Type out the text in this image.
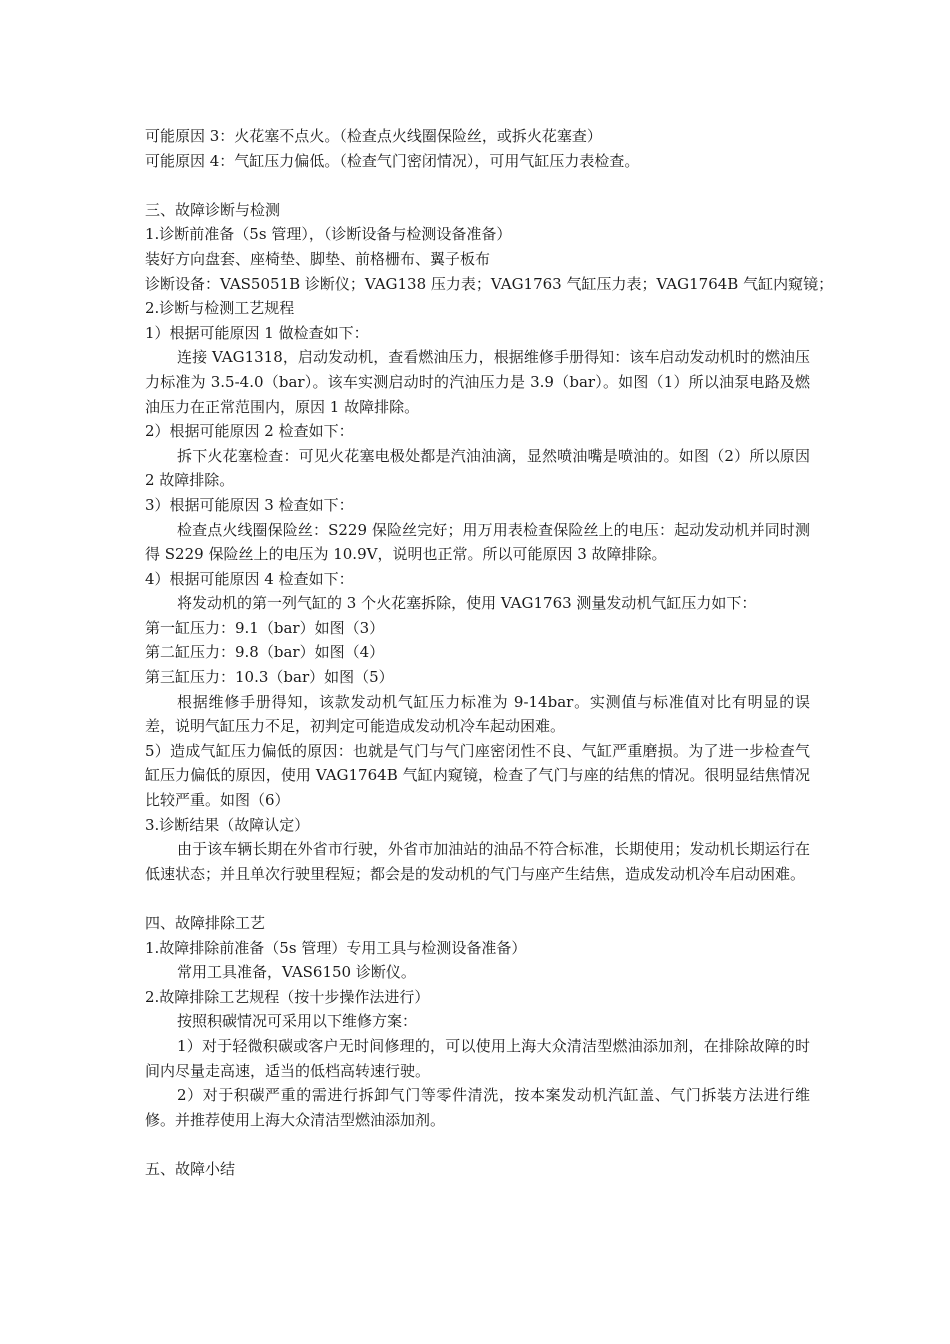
可能原因 3：火花塞不点火。（检查点火线圈保险丝，或拆火花塞查）
可能原因 4：气缸压力偏低。（检查气门密闭情况），可用气缸压力表检查。
三、故障诊断与检测
1.诊断前准备（5s 管理），（诊断设备与检测设备准备）
装好方向盘套、座椅垫、脚垫、前格栅布、翼子板布
诊断设备：VAS5051B 诊断仪；VAG138 压力表；VAG1763 气缸压力表；VAG1764B 气缸内窥镜；
2.诊断与检测工艺规程
1）根据可能原因 1 做检查如下：
连接 VAG1318，启动发动机，查看燃油压力，根据维修手册得知：该车启动发动机时的燃油压力标准为 3.5-4.0（bar）。该车实测启动时的汽油压力是 3.9（bar）。如图（1）所以油泵电路及燃油压力在正常范围内，原因 1 故障排除。
2）根据可能原因 2 检查如下：
拆下火花塞检查：可见火花塞电极处都是汽油油滴，显然喷油嘴是喷油的。如图（2）所以原因 2 故障排除。
3）根据可能原因 3 检查如下：
检查点火线圈保险丝：S229 保险丝完好；用万用表检查保险丝上的电压：起动发动机并同时测得 S229 保险丝上的电压为 10.9V，说明也正常。所以可能原因 3 故障排除。
4）根据可能原因 4 检查如下：
将发动机的第一列气缸的 3 个火花塞拆除，使用 VAG1763 测量发动机气缸压力如下：
第一缸压力：9.1（bar）如图（3）
第二缸压力：9.8（bar）如图（4）
第三缸压力：10.3（bar）如图（5）
根据维修手册得知，该款发动机气缸压力标准为 9-14bar。实测值与标准值对比有明显的误差，说明气缸压力不足，初判定可能造成发动机冷车起动困难。
5）造成气缸压力偏低的原因：也就是气门与气门座密闭性不良、气缸严重磨损。为了进一步检查气缸压力偏低的原因，使用 VAG1764B 气缸内窥镜，检查了气门与座的结焦的情况。很明显结焦情况比较严重。如图（6）
3.诊断结果（故障认定）
由于该车辆长期在外省市行驶，外省市加油站的油品不符合标准，长期使用；发动机长期运行在低速状态；并且单次行驶里程短；都会是的发动机的气门与座产生结焦，造成发动机冷车启动困难。
四、故障排除工艺
1.故障排除前准备（5s 管理）专用工具与检测设备准备）
常用工具准备，VAS6150 诊断仪。
2.故障排除工艺规程（按十步操作法进行）
按照积碳情况可采用以下维修方案：
1）对于轻微积碳或客户无时间修理的，可以使用上海大众清洁型燃油添加剂，在排除故障的时间内尽量走高速，适当的低档高转速行驶。
2）对于积碳严重的需进行拆卸气门等零件清洗，按本案发动机汽缸盖、气门拆装方法进行维修。并推荐使用上海大众清洁型燃油添加剂。
五、故障小结
